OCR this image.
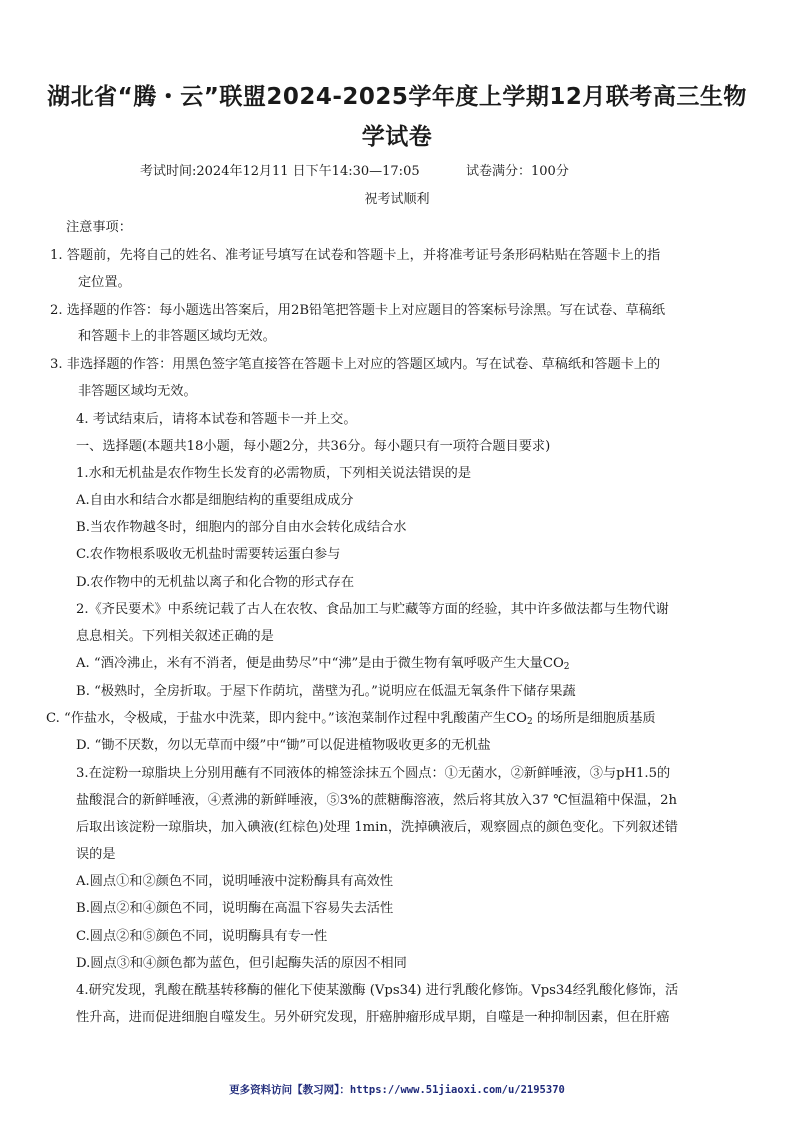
湖北省“腾・云”联盟2024-2025学年度上学期12月联考高三生物
学试卷
考试时间:2024年12月11 日下午14:30—17:05	试卷满分：100分
祝考试顺利
注意事项：
1. 答题前，先将自己的姓名、准考证号填写在试卷和答题卡上，并将准考证号条形码粘贴在答题卡上的指
定位置。
2. 选择题的作答：每小题选出答案后，用2B铅笔把答题卡上对应题目的答案标号涂黑。写在试卷、草稿纸
和答题卡上的非答题区域均无效。
3. 非选择题的作答：用黑色签字笔直接答在答题卡上对应的答题区域内。写在试卷、草稿纸和答题卡上的
非答题区域均无效。
4. 考试结束后，请将本试卷和答题卡一并上交。
一、选择题(本题共18小题，每小题2分，共36分。每小题只有一项符合题目要求)
1.水和无机盐是农作物生长发育的必需物质，下列相关说法错误的是
A.自由水和结合水都是细胞结构的重要组成成分
B.当农作物越冬时，细胞内的部分自由水会转化成结合水
C.农作物根系吸收无机盐时需要转运蛋白参与
D.农作物中的无机盐以离子和化合物的形式存在
2.《齐民要术》中系统记载了古人在农牧、食品加工与贮藏等方面的经验，其中许多做法都与生物代谢
息息相关。下列相关叙述正确的是
A. “酒冷沸止，米有不消者，便是曲势尽”中“沸”是由于微生物有氧呼吸产生大量$CO_2$
B. “极熟时，全房折取。于屋下作荫坑，凿壁为孔。”说明应在低温无氧条件下储存果蔬
C. “作盐水，令极咸，于盐水中洗菜，即内瓮中。”该泡菜制作过程中乳酸菌产生$CO_2$ 的场所是细胞质基质
D. “锄不厌数，勿以无草而中缀”中“锄”可以促进植物吸收更多的无机盐
3.在淀粉一琼脂块上分别用蘸有不同液体的棉签涂抹五个圆点：①无菌水，②新鲜唾液，③与pH1.5的
盐酸混合的新鲜唾液，④煮沸的新鲜唾液，⑤3%的蔗糖酶溶液，然后将其放入37 ℃恒温箱中保温，2h
后取出该淀粉一琼脂块，加入碘液(红棕色)处理 1min，洗掉碘液后，观察圆点的颜色变化。下列叙述错
误的是
A.圆点①和②颜色不同，说明唾液中淀粉酶具有高效性
B.圆点②和④颜色不同，说明酶在高温下容易失去活性
C.圆点②和⑤颜色不同，说明酶具有专一性
D.圆点③和④颜色都为蓝色，但引起酶失活的原因不相同
4.研究发现，乳酸在酰基转移酶的催化下使某激酶 (Vps34) 进行乳酸化修饰。Vps34经乳酸化修饰，活
性升高，进而促进细胞自噬发生。另外研究发现，肝癌肿瘤形成早期，自噬是一种抑制因素，但在肝癌
更多资料访问【教习网】：https://www.51jiaoxi.com/u/2195370
